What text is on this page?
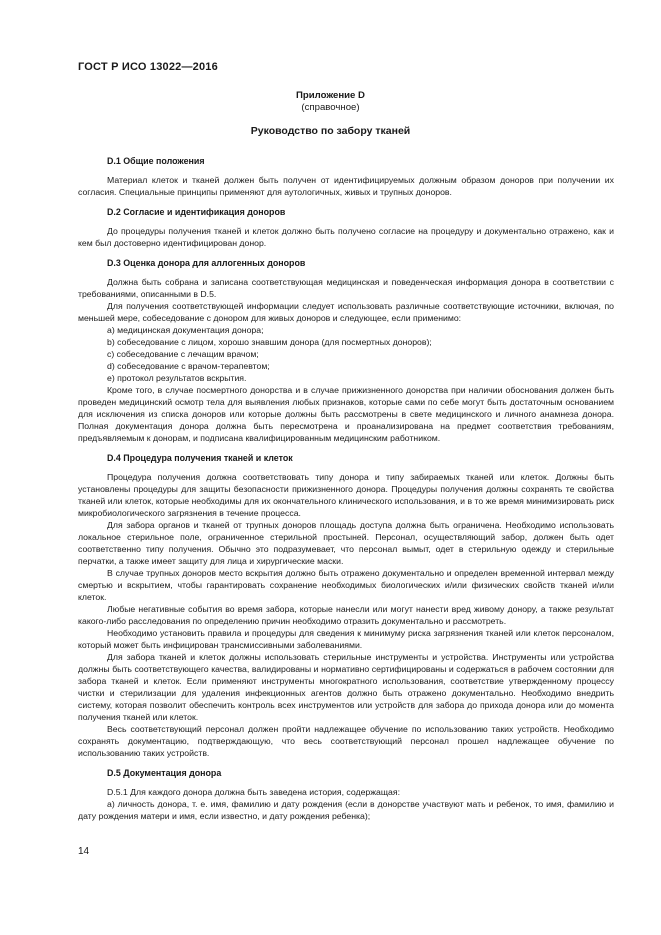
ГОСТ Р ИСО 13022—2016
Приложение D
(справочное)
Руководство по забору тканей
D.1 Общие положения

Материал клеток и тканей должен быть получен от идентифицируемых должным образом доноров при получении их согласия. Специальные принципы применяют для аутологичных, живых и трупных доноров.

D.2 Согласие и идентификация доноров

До процедуры получения тканей и клеток должно быть получено согласие на процедуру и документально отражено, как и кем был достоверно идентифицирован донор.

D.3 Оценка донора для аллогенных доноров

Должна быть собрана и записана соответствующая медицинская и поведенческая информация донора в соответствии с требованиями, описанными в D.5.

Для получения соответствующей информации следует использовать различные соответствующие источники, включая, по меньшей мере, собеседование с донором для живых доноров и следующее, если применимо:

a) медицинская документация донора;

b) собеседование с лицом, хорошо знавшим донора (для посмертных доноров);

c) собеседование с лечащим врачом;

d) собеседование с врачом-терапевтом;

e) протокол результатов вскрытия.

Кроме того, в случае посмертного донорства и в случае прижизненного донорства при наличии обоснования должен быть проведен медицинский осмотр тела для выявления любых признаков, которые сами по себе могут быть достаточным основанием для исключения из списка доноров или которые должны быть рассмотрены в свете медицинского и личного анамнеза донора. Полная документация донора должна быть пересмотрена и проанализирована на предмет соответствия требованиям, предъявляемым к донорам, и подписана квалифицированным медицинским работником.

D.4 Процедура получения тканей и клеток

Процедура получения должна соответствовать типу донора и типу забираемых тканей или клеток. Должны быть установлены процедуры для защиты безопасности прижизненного донора. Процедуры получения должны сохранять те свойства тканей или клеток, которые необходимы для их окончательного клинического использования, и в то же время минимизировать риск микробиологического загрязнения в течение процесса.

Для забора органов и тканей от трупных доноров площадь доступа должна быть ограничена. Необходимо использовать локальное стерильное поле, ограниченное стерильной простыней. Персонал, осуществляющий забор, должен быть одет соответственно типу получения. Обычно это подразумевает, что персонал вымыт, одет в стерильную одежду и стерильные перчатки, а также имеет защиту для лица и хирургические маски.

В случае трупных доноров место вскрытия должно быть отражено документально и определен временной интервал между смертью и вскрытием, чтобы гарантировать сохранение необходимых биологических и/или физических свойств тканей и/или клеток.

Любые негативные события во время забора, которые нанесли или могут нанести вред живому донору, а также результат какого-либо расследования по определению причин необходимо отразить документально и рассмотреть.

Необходимо установить правила и процедуры для сведения к минимуму риска загрязнения тканей или клеток персоналом, который может быть инфицирован трансмиссивными заболеваниями.

Для забора тканей и клеток должны использовать стерильные инструменты и устройства. Инструменты или устройства должны быть соответствующего качества, валидированы и нормативно сертифицированы и содержаться в рабочем состоянии для забора тканей и клеток. Если применяют инструменты многократного использования, соответствие утвержденному процессу чистки и стерилизации для удаления инфекционных агентов должно быть отражено документально. Необходимо внедрить систему, которая позволит обеспечить контроль всех инструментов или устройств для забора до прихода донора или до момента получения тканей или клеток.

Весь соответствующий персонал должен пройти надлежащее обучение по использованию таких устройств. Необходимо сохранять документацию, подтверждающую, что весь соответствующий персонал прошел надлежащее обучение по использованию таких устройств.

D.5 Документация донора

D.5.1 Для каждого донора должна быть заведена история, содержащая:

a) личность донора, т. е. имя, фамилию и дату рождения (если в донорстве участвуют мать и ребенок, то имя, фамилию и дату рождения матери и имя, если известно, и дату рождения ребенка);

14
